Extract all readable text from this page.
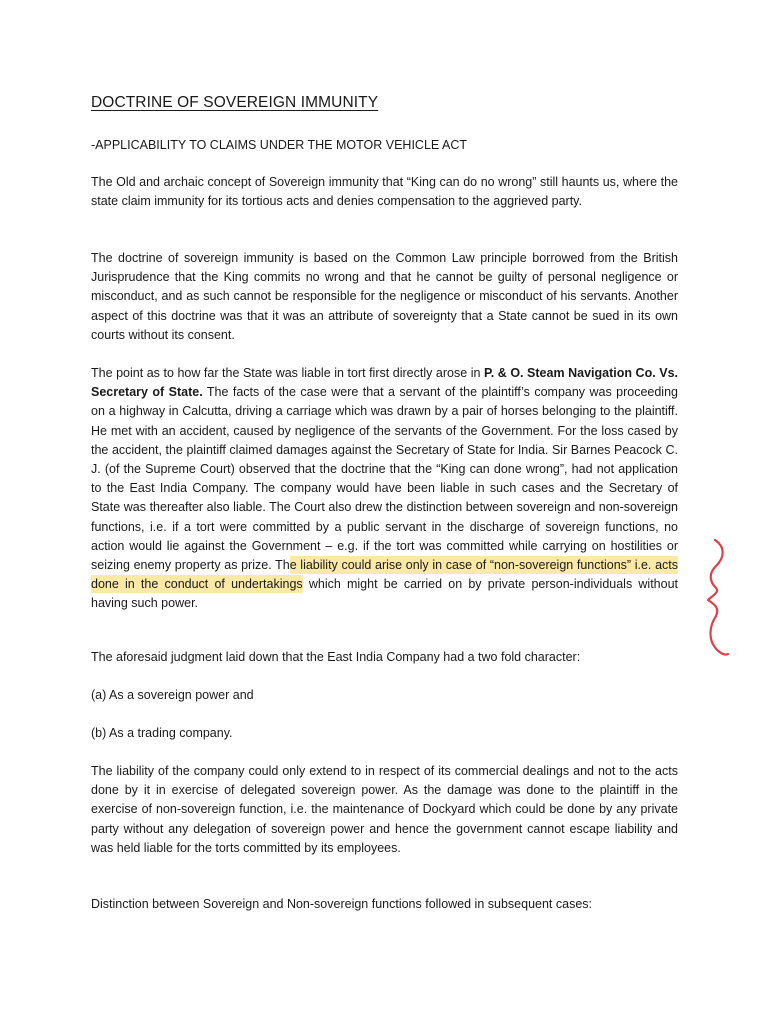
DOCTRINE OF SOVEREIGN IMMUNITY

-APPLICABILITY TO CLAIMS UNDER THE MOTOR VEHICLE ACT

The Old and archaic concept of Sovereign immunity that “King can do no wrong” still haunts us, where the state claim immunity for its tortious acts and denies compensation to the aggrieved party.

The doctrine of sovereign immunity is based on the Common Law principle borrowed from the British Jurisprudence that the King commits no wrong and that he cannot be guilty of personal negligence or misconduct, and as such cannot be responsible for the negligence or misconduct of his servants. Another aspect of this doctrine was that it was an attribute of sovereignty that a State cannot be sued in its own courts without its consent.

The point as to how far the State was liable in tort first directly arose in P. & O. Steam Navigation Co. Vs. Secretary of State. The facts of the case were that a servant of the plaintiff’s company was proceeding on a highway in Calcutta, driving a carriage which was drawn by a pair of horses belonging to the plaintiff. He met with an accident, caused by negligence of the servants of the Government. For the loss cased by the accident, the plaintiff claimed damages against the Secretary of State for India. Sir Barnes Peacock C. J. (of the Supreme Court) observed that the doctrine that the “King can done wrong”, had not application to the East India Company. The company would have been liable in such cases and the Secretary of State was thereafter also liable. The Court also drew the distinction between sovereign and non-sovereign functions, i.e. if a tort were committed by a public servant in the discharge of sovereign functions, no action would lie against the Government – e.g. if the tort was committed while carrying on hostilities or seizing enemy property as prize. The liability could arise only in case of “non-sovereign functions” i.e. acts done in the conduct of undertakings which might be carried on by private person-individuals without having such power.

The aforesaid judgment laid down that the East India Company had a two fold character:

(a) As a sovereign power and

(b) As a trading company.

The liability of the company could only extend to in respect of its commercial dealings and not to the acts done by it in exercise of delegated sovereign power. As the damage was done to the plaintiff in the exercise of non-sovereign function, i.e. the maintenance of Dockyard which could be done by any private party without any delegation of sovereign power and hence the government cannot escape liability and was held liable for the torts committed by its employees.

Distinction between Sovereign and Non-sovereign functions followed in subsequent cases:
